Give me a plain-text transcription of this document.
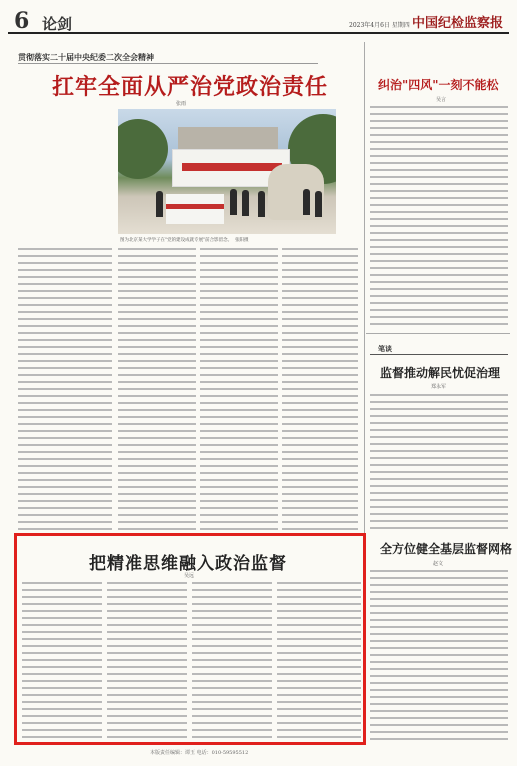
6 论剑	2023年4月6日 星期四 中国纪检监察报
贯彻落实二十届中央纪委二次全会精神
扛牢全面从严治党政治责任
张雨
图为北京某大学学子在"党的建设成就专展"前合影留念。 张阳摄
纠治"四风"一刻不能松
吴言
笔谈
监督推动解民忧促治理
郑永军
全方位健全基层监督网格
赵文
把精准思维融入政治监督
吴远
本版责任编辑：谭玉 电话：010-59595512
